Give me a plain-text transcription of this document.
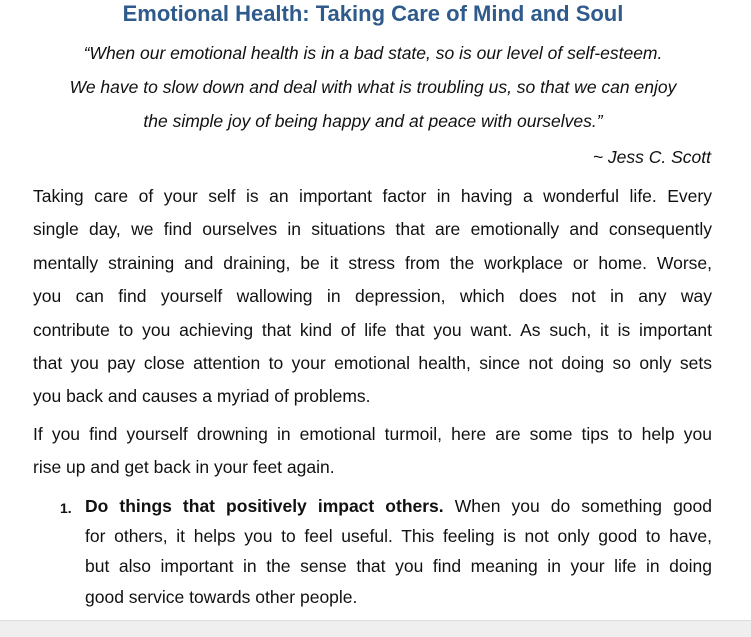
Emotional Health: Taking Care of Mind and Soul
“When our emotional health is in a bad state, so is our level of self-esteem.
We have to slow down and deal with what is troubling us, so that we can enjoy
the simple joy of being happy and at peace with ourselves.”
~ Jess C. Scott
Taking care of your self is an important factor in having a wonderful life. Every
single day, we find ourselves in situations that are emotionally and consequently
mentally straining and draining, be it stress from the workplace or home. Worse,
you can find yourself wallowing in depression, which does not in any way
contribute to you achieving that kind of life that you want. As such, it is important
that you pay close attention to your emotional health, since not doing so only sets
you back and causes a myriad of problems.
If you find yourself drowning in emotional turmoil, here are some tips to help you
rise up and get back in your feet again.
1. Do things that positively impact others. When you do something good
for others, it helps you to feel useful. This feeling is not only good to have,
but also important in the sense that you find meaning in your life in doing
good service towards other people.
